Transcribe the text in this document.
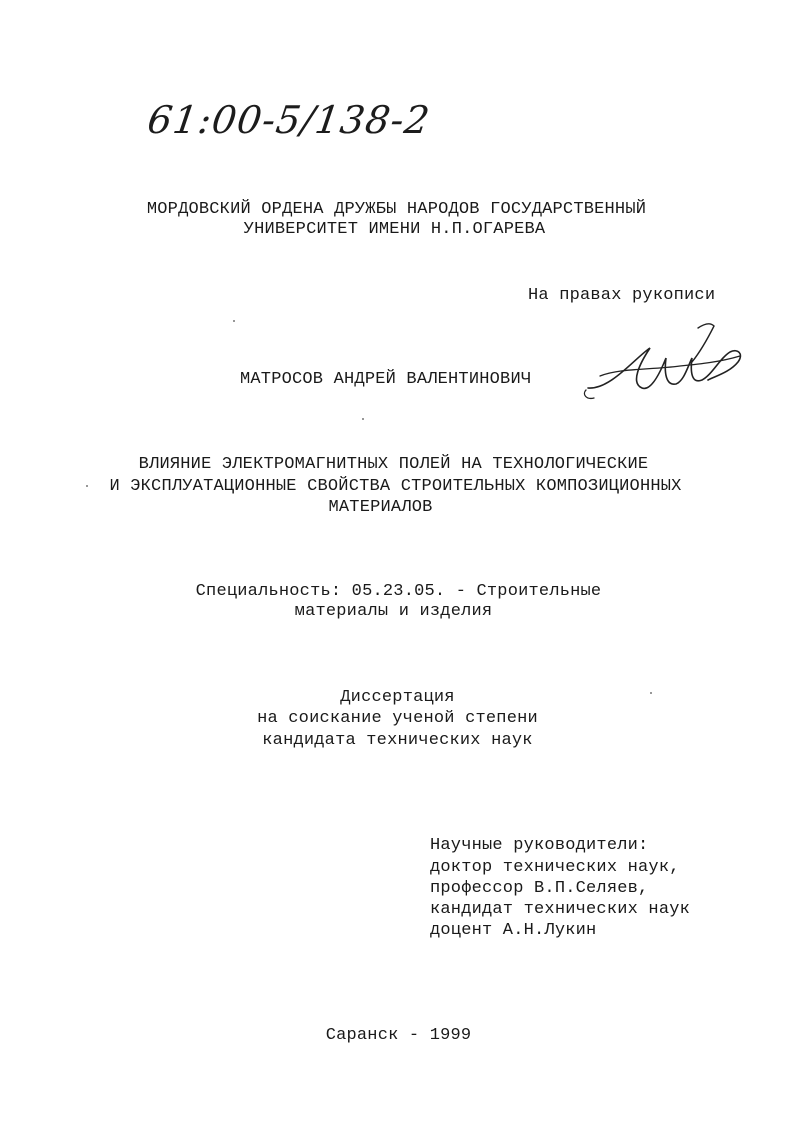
61:00-5/138-2
МОРДОВСКИЙ ОРДЕНА ДРУЖБЫ НАРОДОВ ГОСУДАРСТВЕННЫЙ
УНИВЕРСИТЕТ ИМЕНИ Н.П.ОГАРЕВА
На правах рукописи
МАТРОСОВ АНДРЕЙ ВАЛЕНТИНОВИЧ
ВЛИЯНИЕ ЭЛЕКТРОМАГНИТНЫХ ПОЛЕЙ НА ТЕХНОЛОГИЧЕСКИЕ
И ЭКСПЛУАТАЦИОННЫЕ СВОЙСТВА СТРОИТЕЛЬНЫХ КОМПОЗИЦИОННЫХ
МАТЕРИАЛОВ
Специальность: 05.23.05. - Строительные
материалы и изделия
Диссертация
на соискание ученой степени
кандидата технических наук
Научные руководители:
доктор технических наук,
профессор В.П.Селяев,
кандидат технических наук
доцент А.Н.Лукин
Саранск - 1999
